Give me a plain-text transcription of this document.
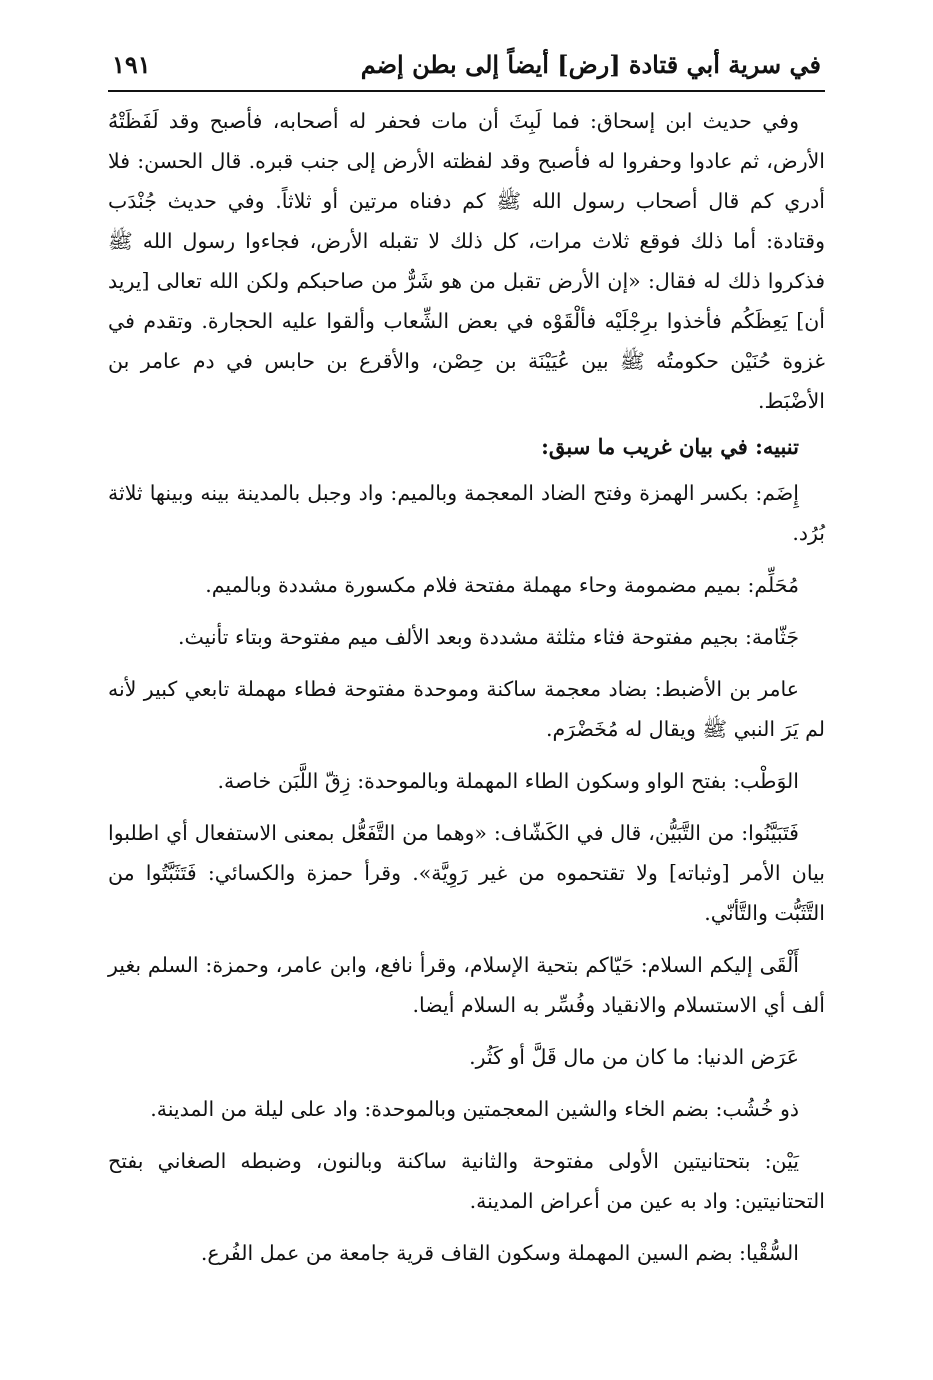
في سرية أبي قتادة [رض] أيضاً إلى بطن إضم
١٩١

وفي حديث ابن إسحاق: فما لَبِثَ أن مات فحفر له أصحابه، فأصبح وقد لَفَظَتْهُ الأرض، ثم عادوا وحفروا له فأصبح وقد لفظته الأرض إلى جنب قبره. قال الحسن: فلا أدري كم قال أصحاب رسول الله ﷺ كم دفناه مرتين أو ثلاثاً. وفي حديث جُنْدَب وقتادة: أما ذلك فوقع ثلاث مرات، كل ذلك لا تقبله الأرض، فجاءوا رسول الله ﷺ فذكروا ذلك له فقال: «إن الأرض تقبل من هو شَرٌّ من صاحبكم ولكن الله تعالى [يريد أن] يَعِظَكُم فأخذوا برِجْلَيْه فألْقَوْه في بعض الشِّعاب وألقوا عليه الحجارة. وتقدم في غزوة حُنَيْن حكومتُه ﷺ بين عُيَيْنَة بن حِصْن، والأقرع بن حابس في دم عامر بن الأضْبَط.

تنبيه: في بيان غريب ما سبق:

إِضَم: بكسر الهمزة وفتح الضاد المعجمة وبالميم: واد وجبل بالمدينة بينه وبينها ثلاثة بُرُد.

مُحَلِّم: بميم مضمومة وحاء مهملة مفتحة فلام مكسورة مشددة وبالميم.

جَثّامة: بجيم مفتوحة فثاء مثلثة مشددة وبعد الألف ميم مفتوحة وبتاء تأنيث.

عامر بن الأضبط: بضاد معجمة ساكنة وموحدة مفتوحة فطاء مهملة تابعي كبير لأنه لم يَرَ النبي ﷺ ويقال له مُخَضْرَم.

الوَطْب: بفتح الواو وسكون الطاء المهملة وبالموحدة: زِقّ اللَّبَن خاصة.

فَتَبَيَّنُوا: من التَّبَيُّن، قال في الكَشّاف: «وهما من التَّفَعُّل بمعنى الاستفعال أي اطلبوا بيان الأمر [وثباته] ولا تقتحموه من غير رَوِيَّة». وقرأ حمزة والكسائي: فَتَثَبَّتُوا من التَّثَبُّت والتَّأنّي.

أَلْقَى إليكم السلام: حَيّاكم بتحية الإسلام، وقرأ نافع، وابن عامر، وحمزة: السلم بغير ألف أي الاستسلام والانقياد وفُسِّر به السلام أيضا.

عَرَض الدنيا: ما كان من مال قَلَّ أو كَثُر.

ذو خُشُب: بضم الخاء والشين المعجمتين وبالموحدة: واد على ليلة من المدينة.

يَيْن: بتحتانيتين الأولى مفتوحة والثانية ساكنة وبالنون، وضبطه الصغاني بفتح التحتانيتين: واد به عين من أعراض المدينة.

السُّقْيا: بضم السين المهملة وسكون القاف قرية جامعة من عمل الفُرع.
